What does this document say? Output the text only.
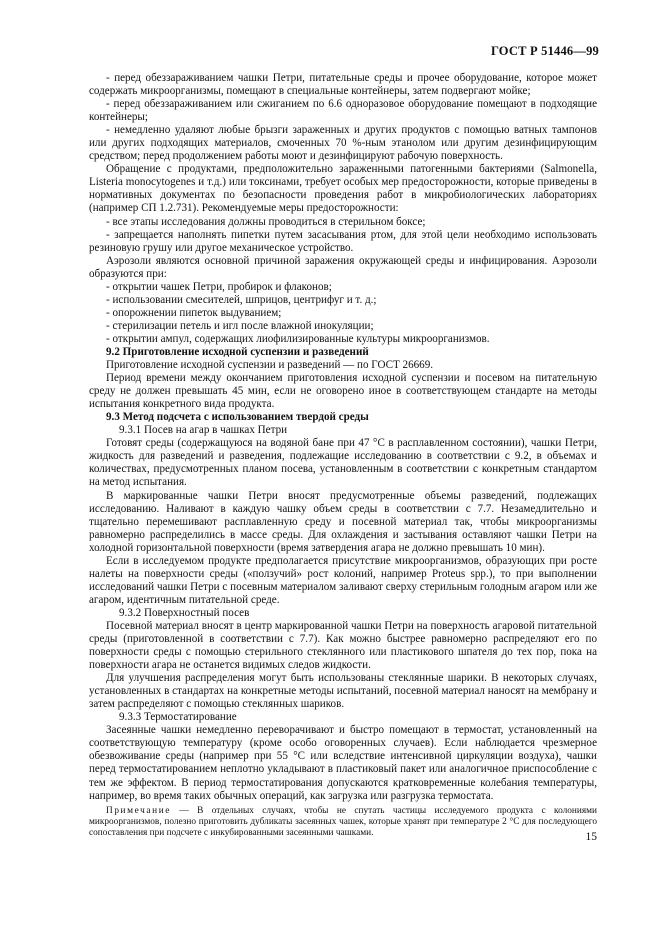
ГОСТ Р 51446—99

- перед обеззараживанием чашки Петри, питательные среды и прочее оборудование, которое может содержать микроорганизмы, помещают в специальные контейнеры, затем подвергают мойке;

- перед обеззараживанием или сжиганием по 6.6 одноразовое оборудование помещают в подходящие контейнеры;

- немедленно удаляют любые брызги зараженных и других продуктов с помощью ватных тампонов или других подходящих материалов, смоченных 70 %-ным этанолом или другим дезинфицирующим средством; перед продолжением работы моют и дезинфицируют рабочую поверхность.

Обращение с продуктами, предположительно зараженными патогенными бактериями (Salmonella, Listeria monocytogenes и т.д.) или токсинами, требует особых мер предосторожности, которые приведены в нормативных документах по безопасности проведения работ в микробиологических лабораториях (например СП 1.2.731). Рекомендуемые меры предосторожности:

- все этапы исследования должны проводиться в стерильном боксе;

- запрещается наполнять пипетки путем засасывания ртом, для этой цели необходимо использовать резиновую грушу или другое механическое устройство.

Аэрозоли являются основной причиной заражения окружающей среды и инфицирования. Аэрозоли образуются при:

- открытии чашек Петри, пробирок и флаконов;

- использовании смесителей, шприцов, центрифуг и т. д.;

- опорожнении пипеток выдуванием;

- стерилизации петель и игл после влажной инокуляции;

- открытии ампул, содержащих лиофилизированные культуры микроорганизмов.

9.2 Приготовление исходной суспензии и разведений

Приготовление исходной суспензии и разведений — по ГОСТ 26669.

Период времени между окончанием приготовления исходной суспензии и посевом на питательную среду не должен превышать 45 мин, если не оговорено иное в соответствующем стандарте на методы испытания конкретного вида продукта.

9.3 Метод подсчета с использованием твердой среды

9.3.1 Посев на агар в чашках Петри

Готовят среды (содержащуюся на водяной бане при 47 °С в расплавленном состоянии), чашки Петри, жидкость для разведений и разведения, подлежащие исследованию в соответствии с 9.2, в объемах и количествах, предусмотренных планом посева, установленным в соответствии с конкретным стандартом на метод испытания.

В маркированные чашки Петри вносят предусмотренные объемы разведений, подлежащих исследованию. Наливают в каждую чашку объем среды в соответствии с 7.7. Незамедлительно и тщательно перемешивают расплавленную среду и посевной материал так, чтобы микроорганизмы равномерно распределились в массе среды. Для охлаждения и застывания оставляют чашки Петри на холодной горизонтальной поверхности (время затвердения агара не должно превышать 10 мин).

Если в исследуемом продукте предполагается присутствие микроорганизмов, образующих при росте налеты на поверхности среды («ползучий» рост колоний, например Proteus spp.), то при выполнении исследований чашки Петри с посевным материалом заливают сверху стерильным голодным агаром или же агаром, идентичным питательной среде.

9.3.2 Поверхностный посев

Посевной материал вносят в центр маркированной чашки Петри на поверхность агаровой питательной среды (приготовленной в соответствии с 7.7). Как можно быстрее равномерно распределяют его по поверхности среды с помощью стерильного стеклянного или пластикового шпателя до тех пор, пока на поверхности агара не останется видимых следов жидкости.

Для улучшения распределения могут быть использованы стеклянные шарики. В некоторых случаях, установленных в стандартах на конкретные методы испытаний, посевной материал наносят на мембрану и затем распределяют с помощью стеклянных шариков.

9.3.3 Термостатирование

Засеянные чашки немедленно переворачивают и быстро помещают в термостат, установленный на соответствующую температуру (кроме особо оговоренных случаев). Если наблюдается чрезмерное обезвоживание среды (например при 55 °С или вследствие интенсивной циркуляции воздуха), чашки перед термостатированием неплотно укладывают в пластиковый пакет или аналогичное приспособление с тем же эффектом. В период термостатирования допускаются кратковременные колебания температуры, например, во время таких обычных операций, как загрузка или разгрузка термостата.

Примечание — В отдельных случаях, чтобы не спутать частицы исследуемого продукта с колониями микроорганизмов, полезно приготовить дубликаты засеянных чашек, которые хранят при температуре 2 °С для последующего сопоставления при подсчете с инкубированными засеянными чашками.	15
